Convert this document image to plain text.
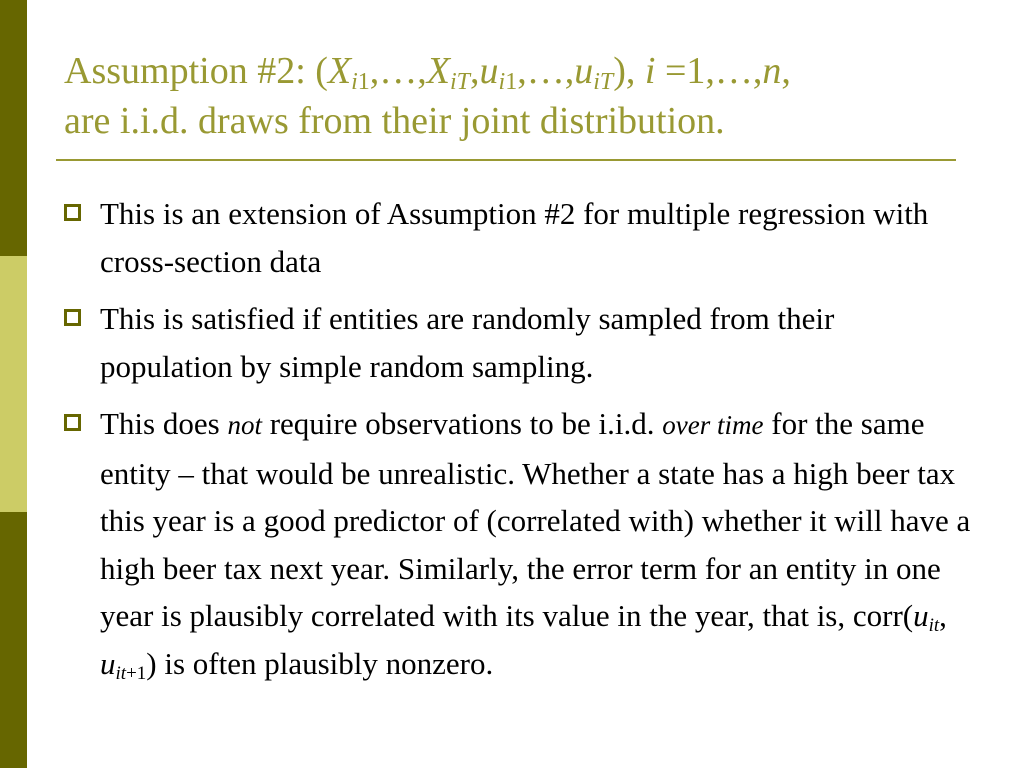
Assumption #2: $(X_{i1},\dots,X_{iT},u_{i1},\dots,u_{iT})$, i =1,…,n,
are i.i.d. draws from their joint distribution.
This is an extension of Assumption #2 for multiple regression with cross-section data
This is satisfied if entities are randomly sampled from their population by simple random sampling.
This does not require observations to be i.i.d. over time for the same entity – that would be unrealistic. Whether a state has a high beer tax this year is a good predictor of (correlated with) whether it will have a high beer tax next year. Similarly, the error term for an entity in one year is plausibly correlated with its value in the year, that is, $corr(u_{it}$, $u_{it+1}$) is often plausibly nonzero.
